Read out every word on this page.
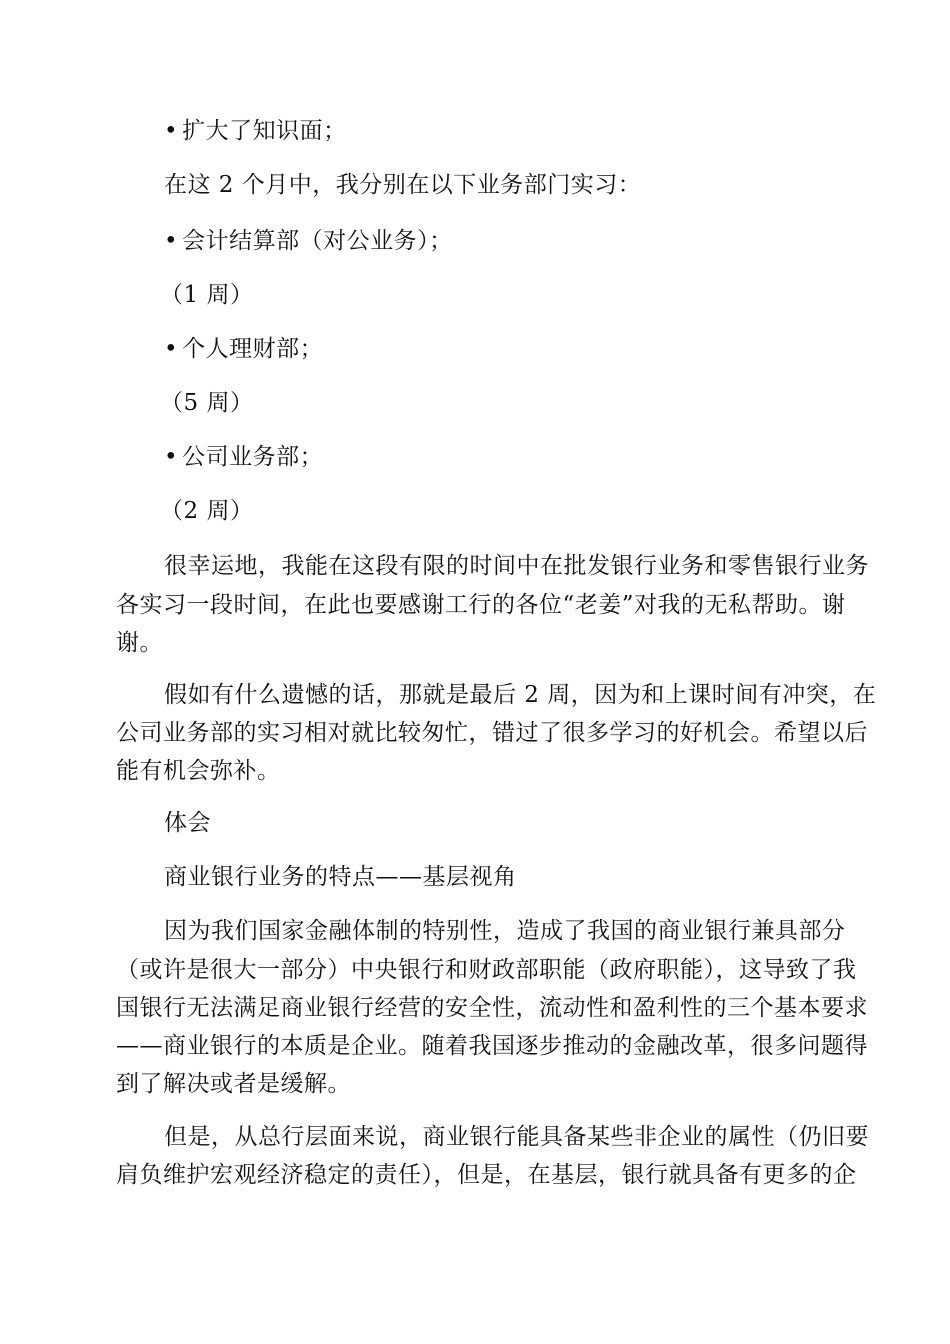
• 扩大了知识面；
在这 2 个月中，我分别在以下业务部门实习：
• 会计结算部（对公业务）；
（1 周）
• 个人理财部；
（5 周）
• 公司业务部；
（2 周）
很幸运地，我能在这段有限的时间中在批发银行业务和零售银行业务
各实习一段时间，在此也要感谢工行的各位“老姜”对我的无私帮助。谢
谢。
假如有什么遗憾的话，那就是最后 2 周，因为和上课时间有冲突，在
公司业务部的实习相对就比较匆忙，错过了很多学习的好机会。希望以后
能有机会弥补。
体会
商业银行业务的特点——基层视角
因为我们国家金融体制的特别性，造成了我国的商业银行兼具部分
（或许是很大一部分）中央银行和财政部职能（政府职能），这导致了我
国银行无法满足商业银行经营的安全性，流动性和盈利性的三个基本要求
——商业银行的本质是企业。随着我国逐步推动的金融改革，很多问题得
到了解决或者是缓解。
但是，从总行层面来说，商业银行能具备某些非企业的属性（仍旧要
肩负维护宏观经济稳定的责任），但是，在基层，银行就具备有更多的企
